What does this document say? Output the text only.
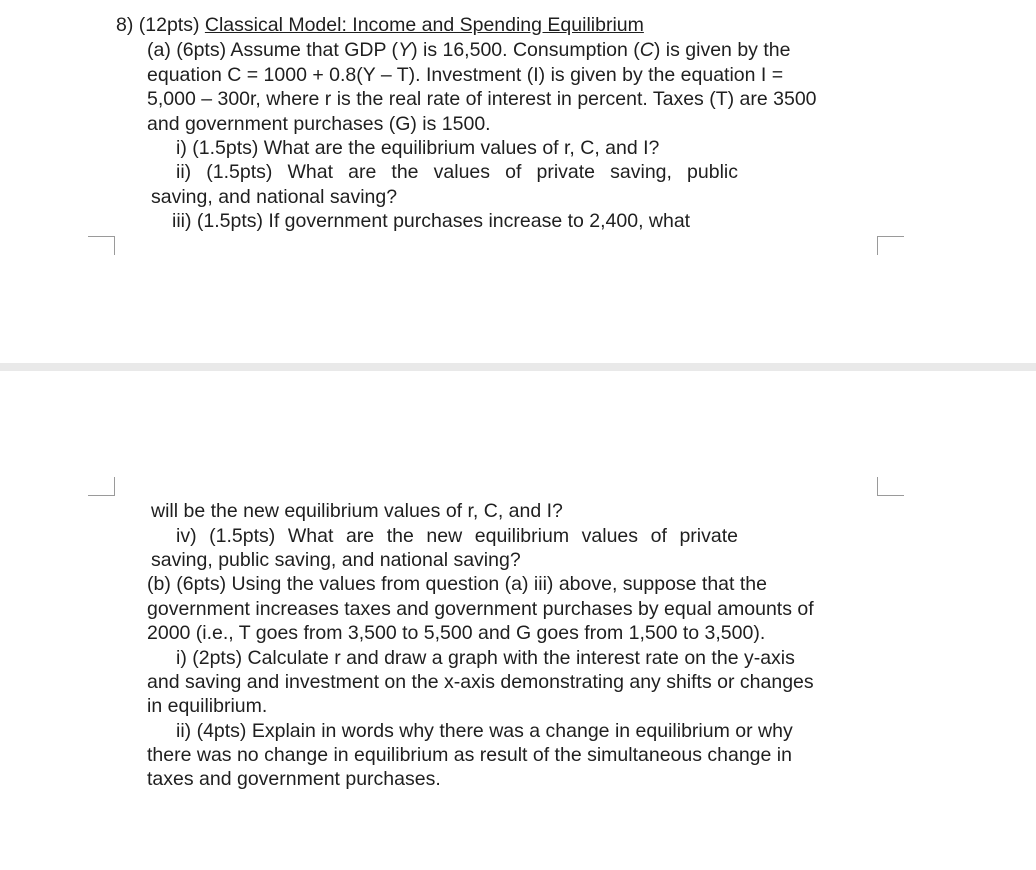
8) (12pts) Classical Model: Income and Spending Equilibrium
(a) (6pts) Assume that GDP (Y) is 16,500. Consumption (C) is given by the
equation C = 1000 + 0.8(Y – T). Investment (I) is given by the equation I =
5,000 – 300r, where r is the real rate of interest in percent. Taxes (T) are 3500
and government purchases (G) is 1500.
i) (1.5pts) What are the equilibrium values of r, C, and I?
ii) (1.5pts) What are the values of private saving, public
saving, and national saving?
iii) (1.5pts) If government purchases increase to 2,400, what
will be the new equilibrium values of r, C, and I?
iv) (1.5pts) What are the new equilibrium values of private
saving, public saving, and national saving?
(b) (6pts) Using the values from question (a) iii) above, suppose that the
government increases taxes and government purchases by equal amounts of
2000 (i.e., T goes from 3,500 to 5,500 and G goes from 1,500 to 3,500).
i) (2pts) Calculate r and draw a graph with the interest rate on the y-axis
and saving and investment on the x-axis demonstrating any shifts or changes
in equilibrium.
ii) (4pts) Explain in words why there was a change in equilibrium or why
there was no change in equilibrium as result of the simultaneous change in
taxes and government purchases.
